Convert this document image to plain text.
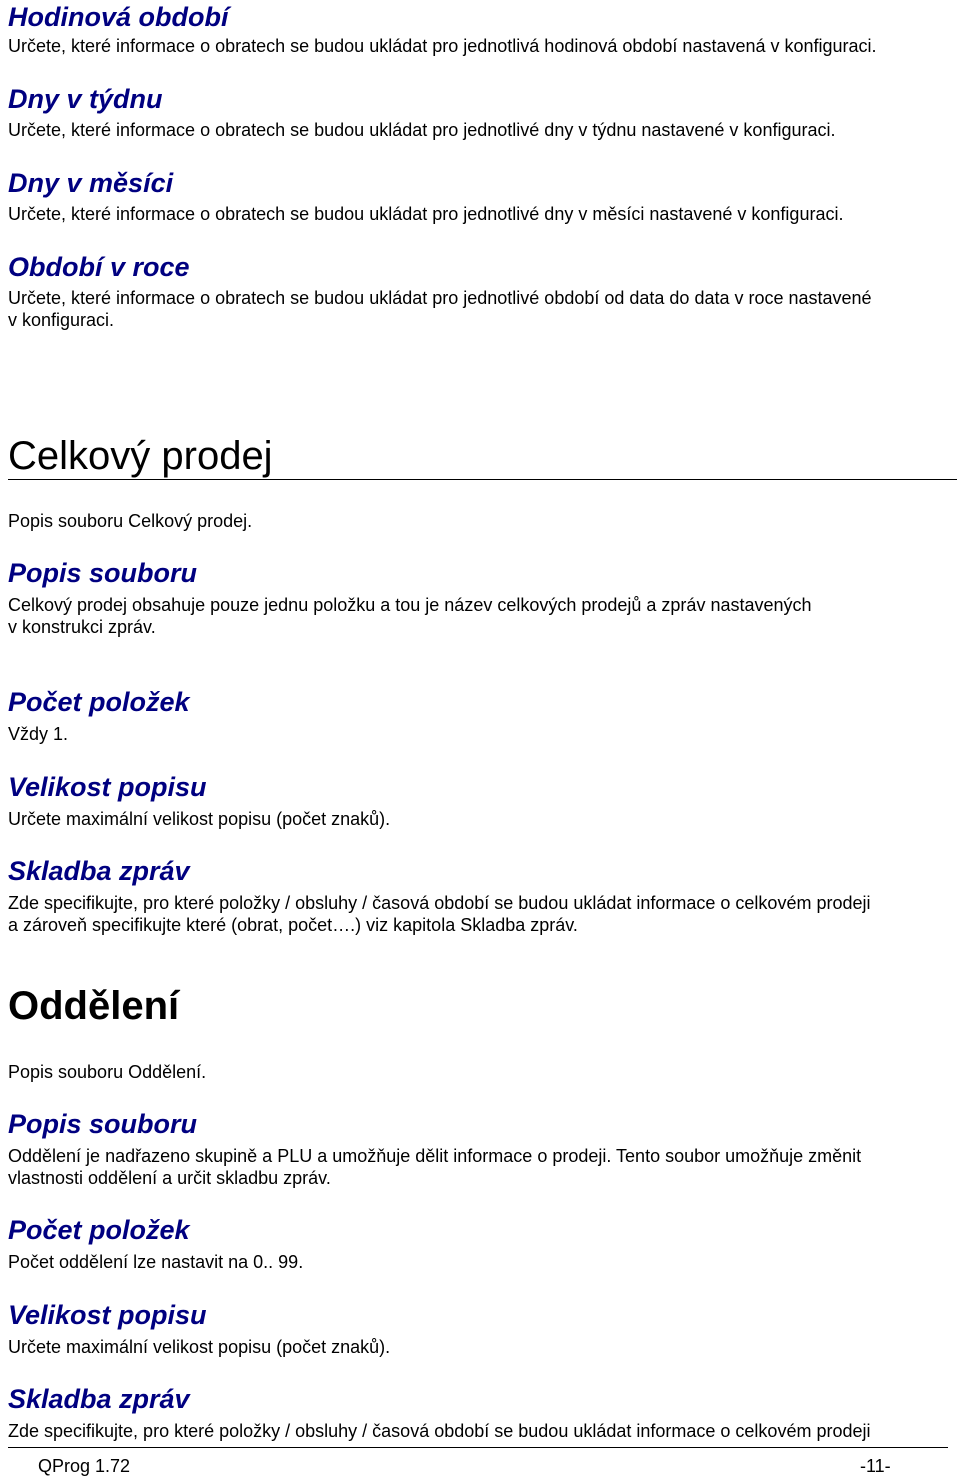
Hodinová období

Určete, které informace o obratech se budou ukládat pro jednotlivá hodinová období nastavená v konfiguraci.

Dny v týdnu

Určete, které informace o obratech se budou ukládat pro jednotlivé dny v týdnu nastavené v konfiguraci.

Dny v měsíci

Určete, které informace o obratech se budou ukládat pro jednotlivé dny v měsíci nastavené v konfiguraci.

Období v roce

Určete, které informace o obratech se budou ukládat pro jednotlivé období od data do data v roce nastavené

v konfiguraci.

Celkový prodej

Popis souboru Celkový prodej.

Popis souboru

Celkový prodej obsahuje pouze jednu položku a tou je název celkových prodejů a zpráv nastavených

v konstrukci zpráv.

Počet položek

Vždy 1.

Velikost popisu

Určete maximální velikost popisu (počet znaků).

Skladba zpráv

Zde specifikujte, pro které položky / obsluhy / časová období se budou ukládat informace o celkovém prodeji

a zároveň specifikujte které (obrat, počet….) viz kapitola Skladba zpráv.

Oddělení

Popis souboru Oddělení.

Popis souboru

Oddělení je nadřazeno skupině a PLU a umožňuje dělit informace o prodeji. Tento soubor umožňuje změnit

vlastnosti oddělení a určit skladbu zpráv.

Počet položek

Počet oddělení lze nastavit na 0.. 99.

Velikost popisu

Určete maximální velikost popisu (počet znaků).

Skladba zpráv

Zde specifikujte, pro které položky / obsluhy / časová období se budou ukládat informace o celkovém prodeji

QProg 1.72	-11-
